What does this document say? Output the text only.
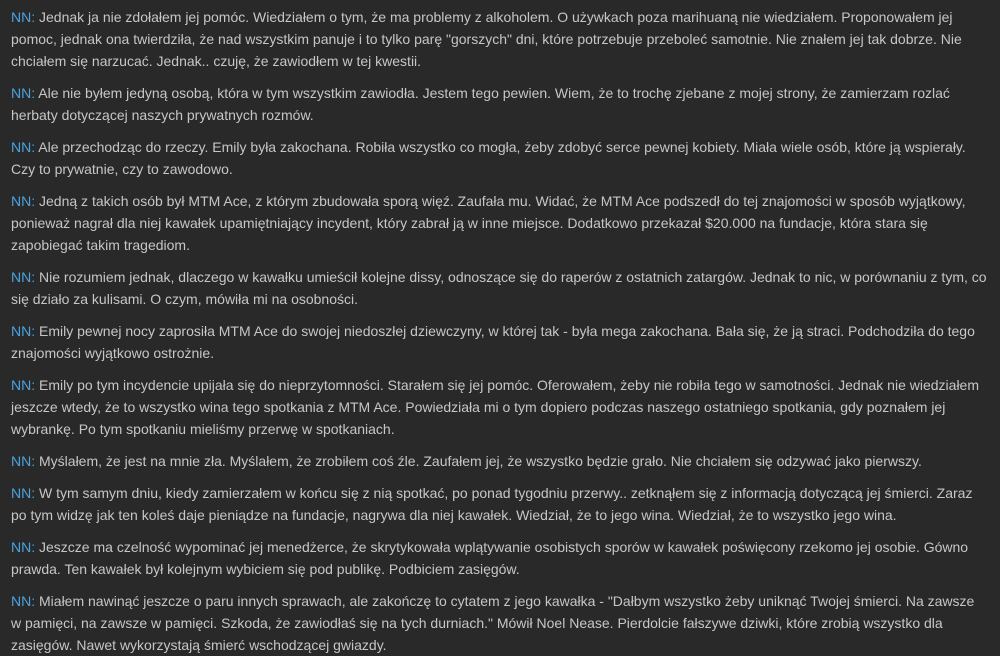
NN: Jednak ja nie zdołałem jej pomóc. Wiedziałem o tym, że ma problemy z alkoholem. O używkach poza marihuaną nie wiedziałem. Proponowałem jej pomoc, jednak ona twierdziła, że nad wszystkim panuje i to tylko parę "gorszych" dni, które potrzebuje przeboleć samotnie. Nie znałem jej tak dobrze. Nie chciałem się narzucać. Jednak.. czuję, że zawiodłem w tej kwestii.

NN: Ale nie byłem jedyną osobą, która w tym wszystkim zawiodła. Jestem tego pewien. Wiem, że to trochę zjebane z mojej strony, że zamierzam rozlać herbaty dotyczącej naszych prywatnych rozmów.

NN: Ale przechodząc do rzeczy. Emily była zakochana. Robiła wszystko co mogła, żeby zdobyć serce pewnej kobiety. Miała wiele osób, które ją wspierały. Czy to prywatnie, czy to zawodowo.

NN: Jedną z takich osób był MTM Ace, z którym zbudowała sporą więź. Zaufała mu. Widać, że MTM Ace podszedł do tej znajomości w sposób wyjątkowy, ponieważ nagrał dla niej kawałek upamiętniający incydent, który zabrał ją w inne miejsce. Dodatkowo przekazał $20.000 na fundacje, która stara się zapobiegać takim tragediom.

NN: Nie rozumiem jednak, dlaczego w kawałku umieścił kolejne dissy, odnoszące się do raperów z ostatnich zatargów. Jednak to nic, w porównaniu z tym, co się działo za kulisami. O czym, mówiła mi na osobności.

NN: Emily pewnej nocy zaprosiła MTM Ace do swojej niedoszłej dziewczyny, w której tak - była mega zakochana. Bała się, że ją straci. Podchodziła do tego znajomości wyjątkowo ostrożnie.

NN: Emily po tym incydencie upijała się do nieprzytomności. Starałem się jej pomóc. Oferowałem, żeby nie robiła tego w samotności. Jednak nie wiedziałem jeszcze wtedy, że to wszystko wina tego spotkania z MTM Ace. Powiedziała mi o tym dopiero podczas naszego ostatniego spotkania, gdy poznałem jej wybrankę. Po tym spotkaniu mieliśmy przerwę w spotkaniach.

NN: Myślałem, że jest na mnie zła. Myślałem, że zrobiłem coś źle. Zaufałem jej, że wszystko będzie grało. Nie chciałem się odzywać jako pierwszy.

NN: W tym samym dniu, kiedy zamierzałem w końcu się z nią spotkać, po ponad tygodniu przerwy.. zetknąłem się z informacją dotyczącą jej śmierci. Zaraz po tym widzę jak ten koleś daje pieniądze na fundacje, nagrywa dla niej kawałek. Wiedział, że to jego wina. Wiedział, że to wszystko jego wina.

NN: Jeszcze ma czelność wypominać jej menedżerce, że skrytykowała wplątywanie osobistych sporów w kawałek poświęcony rzekomo jej osobie. Gówno prawda. Ten kawałek był kolejnym wybiciem się pod publikę. Podbiciem zasięgów.

NN: Miałem nawinąć jeszcze o paru innych sprawach, ale zakończę to cytatem z jego kawałka - "Dałbym wszystko żeby uniknąć Twojej śmierci. Na zawsze w pamięci, na zawsze w pamięci. Szkoda, że zawiodłaś się na tych durniach." Mówił Noel Nease. Pierdolcie fałszywe dziwki, które zrobią wszystko dla zasięgów. Nawet wykorzystają śmierć wschodzącej gwiazdy.
